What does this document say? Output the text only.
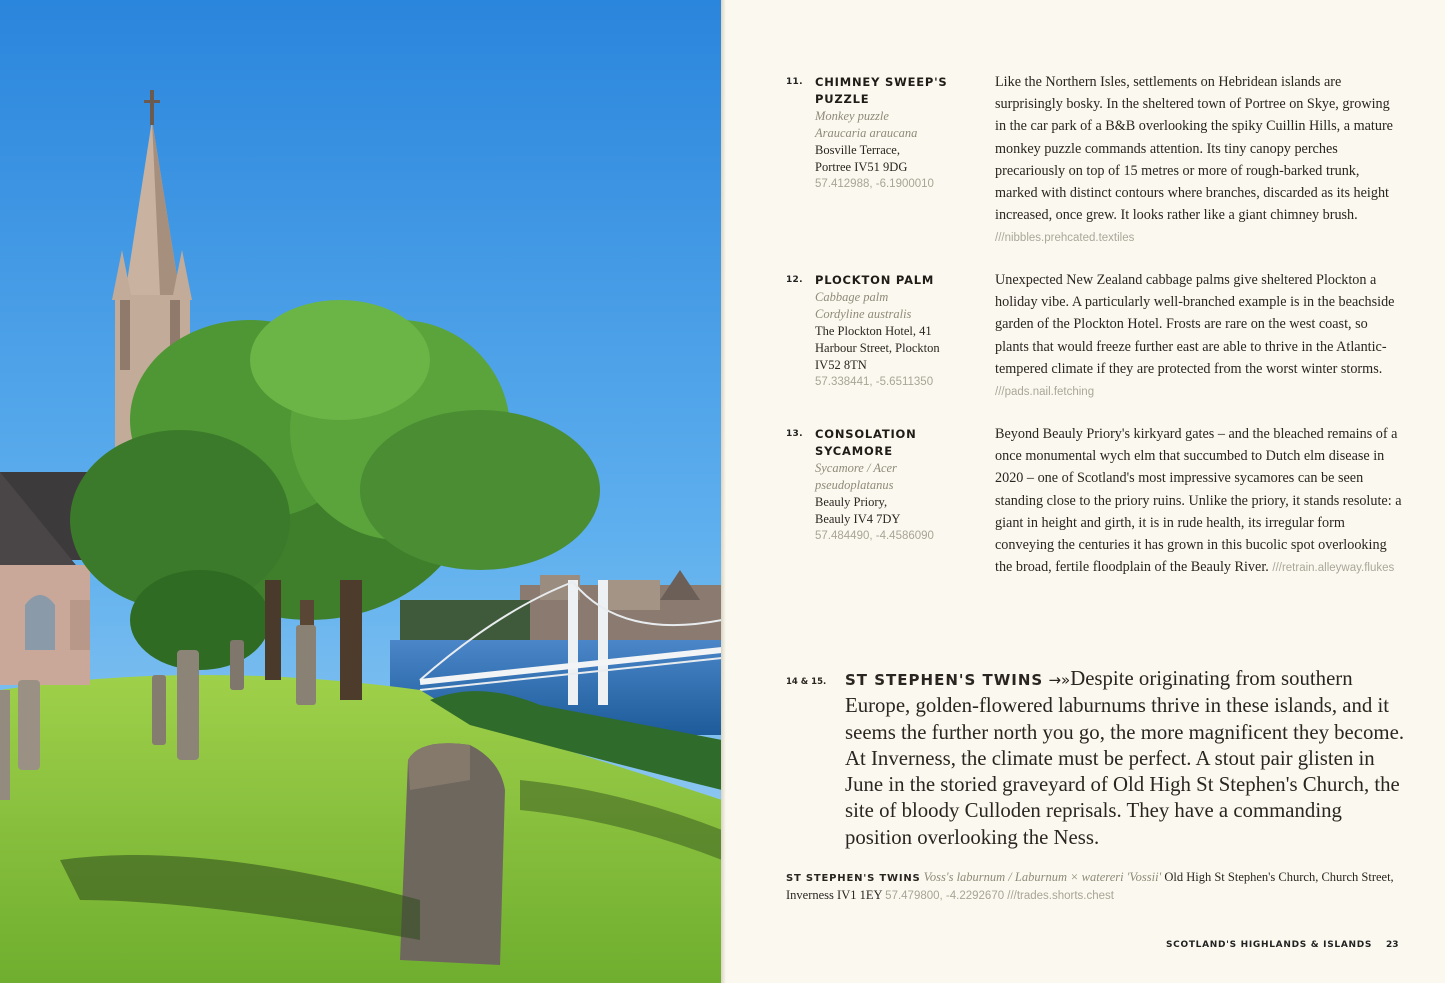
11. CHIMNEY SWEEP'S PUZZLE
Monkey puzzle
Araucaria araucana
Bosville Terrace, Portree IV51 9DG
57.412988, -6.1900010
Like the Northern Isles, settlements on Hebridean islands are surprisingly bosky. In the sheltered town of Portree on Skye, growing in the car park of a B&B overlooking the spiky Cuillin Hills, a mature monkey puzzle commands attention. Its tiny canopy perches precariously on top of 15 metres or more of rough-barked trunk, marked with distinct contours where branches, discarded as its height increased, once grew. It looks rather like a giant chimney brush. ///nibbles.prehcated.textiles
12. PLOCKTON PALM
Cabbage palm
Cordyline australis
The Plockton Hotel, 41 Harbour Street, Plockton IV52 8TN
57.338441, -5.6511350
Unexpected New Zealand cabbage palms give sheltered Plockton a holiday vibe. A particularly well-branched example is in the beachside garden of the Plockton Hotel. Frosts are rare on the west coast, so plants that would freeze further east are able to thrive in the Atlantic-tempered climate if they are protected from the worst winter storms. ///pads.nail.fetching
13. CONSOLATION SYCAMORE
Sycamore / Acer
pseudoplatanus
Beauly Priory, Beauly IV4 7DY
57.484490, -4.4586090
Beyond Beauly Priory's kirkyard gates – and the bleached remains of a once monumental wych elm that succumbed to Dutch elm disease in 2020 – one of Scotland's most impressive sycamores can be seen standing close to the priory ruins. Unlike the priory, it stands resolute: a giant in height and girth, it is in rude health, its irregular form conveying the centuries it has grown in this bucolic spot overlooking the broad, fertile floodplain of the Beauly River. ///retrain.alleyway.flukes
14 & 15. ST STEPHEN'S TWINS →»Despite originating from southern Europe, golden-flowered laburnums thrive in these islands, and it seems the further north you go, the more magnificent they become. At Inverness, the climate must be perfect. A stout pair glisten in June in the storied graveyard of Old High St Stephen's Church, the site of bloody Culloden reprisals. They have a commanding position overlooking the Ness.
ST STEPHEN'S TWINS Voss's laburnum / Laburnum × watereri 'Vossii' Old High St Stephen's Church, Church Street, Inverness IV1 1EY 57.479800, -4.2292670 ///trades.shorts.chest
SCOTLAND'S HIGHLANDS & ISLANDS 23
